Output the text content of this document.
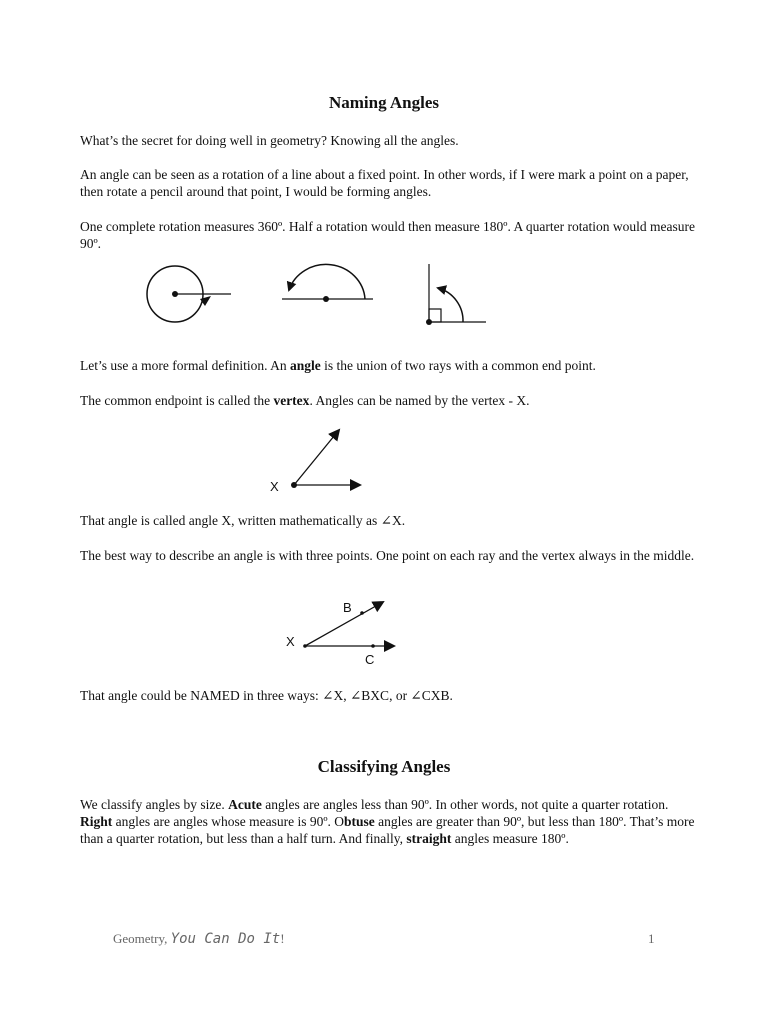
Naming Angles

What’s the secret for doing well in geometry? Knowing all the angles.

An angle can be seen as a rotation of a line about a fixed point. In other words, if I were mark a point on a paper, then rotate a pencil around that point, I would be forming angles.

One complete rotation measures 360º. Half a rotation would then measure 180º. A quarter rotation would measure 90º.

Let’s use a more formal definition. An angle is the union of two rays with a common end point.

The common endpoint is called the vertex. Angles can be named by the vertex - X.

X

That angle is called angle X, written mathematically as ∠X.

The best way to describe an angle is with three points. One point on each ray and the vertex always in the middle.

B
X
C

That angle could be NAMED in three ways: ∠X, ∠BXC, or ∠CXB.

Classifying Angles

We classify angles by size. Acute angles are angles less than 90º. In other words, not quite a quarter rotation. Right angles are angles whose measure is 90º. Obtuse angles are greater than 90º, but less than 180º. That’s more than a quarter rotation, but less than a half turn. And finally, straight angles measure 180º.

Geometry, You Can Do It!	1
